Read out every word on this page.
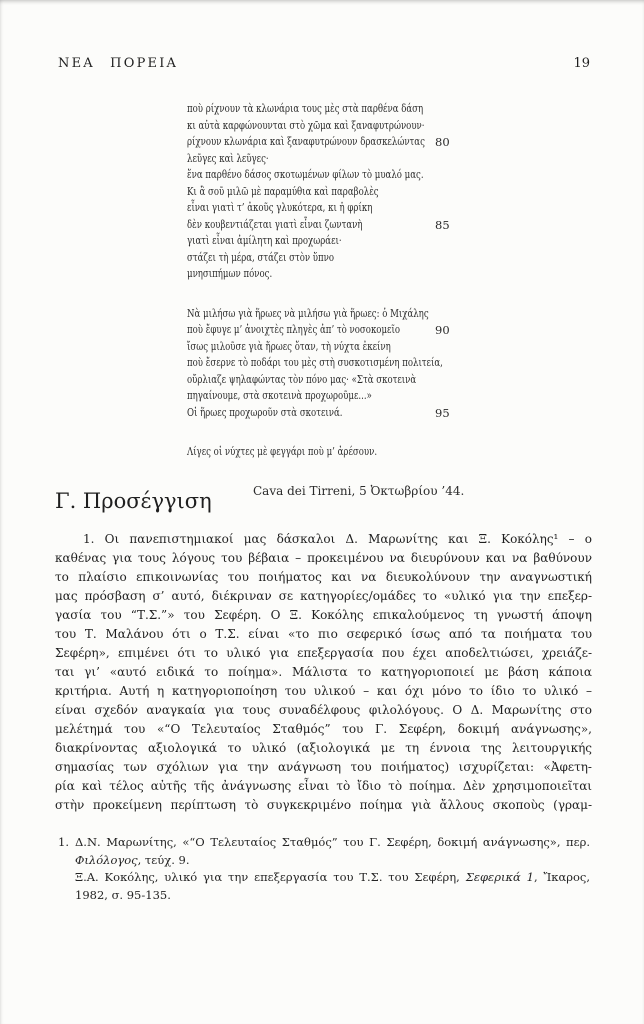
ΝΕΑ ΠΟΡΕΙΑ	19
ποὺ ρίχνουν τὰ κλωνάρια τους μὲς στὰ παρθένα δάση
κι αὐτὰ καρφώνουνται στὸ χῶμα καὶ ξαναφυτρώνουν·
ρίχνουν κλωνάρια καὶ ξαναφυτρώνουν δρασκελώντας 80
λεῦγες καὶ λεῦγες·
ἕνα παρθένο δάσος σκοτωμένων φίλων τὸ μυαλό μας.
Κι ἂ σοῦ μιλῶ μὲ παραμύθια καὶ παραβολὲς
εἶναι γιατὶ τ’ ἀκοῦς γλυκότερα, κι ἡ φρίκη
δὲν κουβεντιάζεται γιατὶ εἶναι ζωντανὴ	85
γιατὶ εἶναι ἀμίλητη καὶ προχωράει·
στάζει τὴ μέρα, στάζει στὸν ὕπνο
μνησιπήμων πόνος.
Νὰ μιλήσω γιὰ ἥρωες νὰ μιλήσω γιὰ ἥρωες: ὁ Μιχάλης
ποὺ ἔφυγε μ’ ἀνοιχτὲς πληγὲς ἀπ’ τὸ νοσοκομεῖο	90
ἴσως μιλοῦσε γιὰ ἥρωες ὅταν, τὴ νύχτα ἐκείνη
ποὺ ἔσερνε τὸ ποδάρι του μὲς στὴ συσκοτισμένη πολιτεία,
οὔρλιαζε ψηλαφώντας τὸν πόνο μας· «Στὰ σκοτεινὰ
πηγαίνουμε, στὰ σκοτεινὰ προχωροῦμε...»
Οἱ ἥρωες προχωροῦν στὰ σκοτεινά.	95
Λίγες οἱ νύχτες μὲ φεγγάρι ποὺ μ’ ἀρέσουν.
Cava dei Tirreni, 5 Ὀκτωβρίου ’44.
Γ. Προσέγγιση
1. Οι πανεπιστημιακοί μας δάσκαλοι Δ. Μαρωνίτης και Ξ. Κοκόλης¹ – ο
καθένας για τους λόγους του βέβαια – προκειμένου να διευρύνουν και να βαθύνουν
το πλαίσιο επικοινωνίας του ποιήματος και να διευκολύνουν την αναγνωστική
μας πρόσβαση σ’ αυτό, διέκριναν σε κατηγορίες/ομάδες το «υλικό για την επεξερ-
γασία του “Τ.Σ.”» του Σεφέρη. Ο Ξ. Κοκόλης επικαλούμενος τη γνωστή άποψη
του Τ. Μαλάνου ότι ο Τ.Σ. είναι «το πιο σεφερικό ίσως από τα ποιήματα του
Σεφέρη», επιμένει ότι το υλικό για επεξεργασία που έχει αποδελτιώσει, χρειάζε-
ται γι’ «αυτό ειδικά το ποίημα». Μάλιστα το κατηγοριοποιεί με βάση κάποια
κριτήρια. Αυτή η κατηγοριοποίηση του υλικού – και όχι μόνο το ίδιο το υλικό –
είναι σχεδόν αναγκαία για τους συναδέλφους φιλολόγους. Ο Δ. Μαρωνίτης στο
μελέτημά του «“Ο Τελευταίος Σταθμός” του Γ. Σεφέρη, δοκιμή ανάγνωσης»,
διακρίνοντας αξιολογικά το υλικό (αξιολογικά με τη έννοια της λειτουργικής
σημασίας των σχόλιων για την ανάγνωση του ποιήματος) ισχυρίζεται: «Ἀφετη-
ρία καὶ τέλος αὐτῆς τῆς ἀνάγνωσης εἶναι τὸ ἴδιο τὸ ποίημα. Δὲν χρησιμοποιεῖται
στὴν προκείμενη περίπτωση τὸ συγκεκριμένο ποίημα γιὰ ἄλλους σκοποὺς (γραμ-
1. Δ.Ν. Μαρωνίτης, «“Ο Τελευταίος Σταθμός” του Γ. Σεφέρη, δοκιμή ανάγνωσης», περ.
Φιλόλογος, τεύχ. 9.
Ξ.Α. Κοκόλης, υλικό για την επεξεργασία του Τ.Σ. του Σεφέρη, Σεφερικά 1, Ἴκαρος,
1982, σ. 95-135.
